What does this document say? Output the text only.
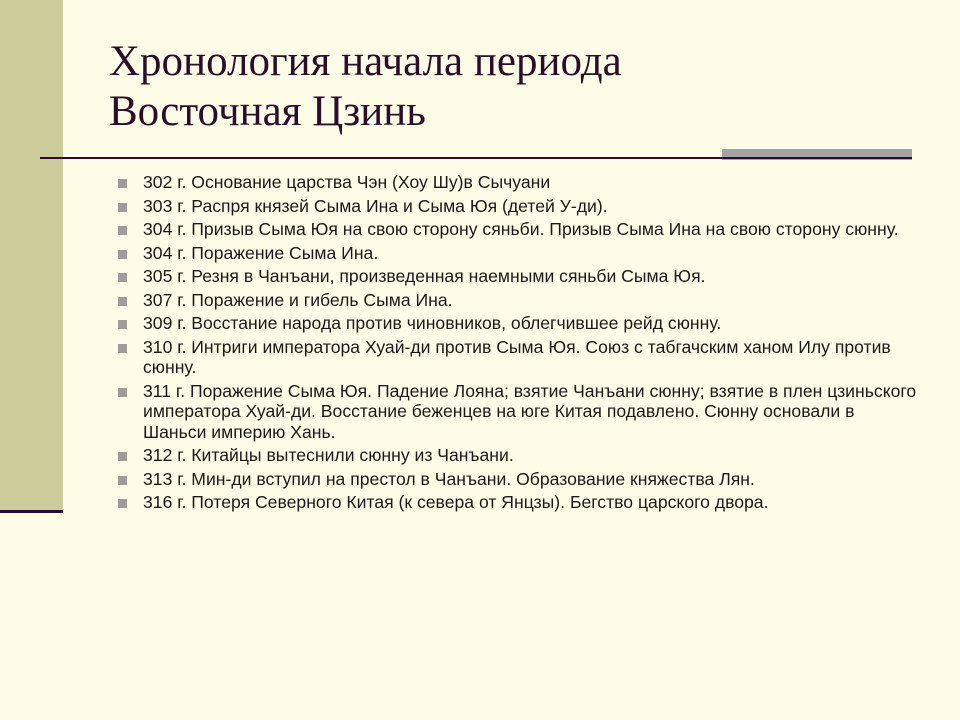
Хронология начала периода
Восточная Цзинь
302 г. Основание царства Чэн (Хоу Шу)в Сычуани
303 г. Распря князей Сыма Ина и Сыма Юя (детей У-ди).
304 г. Призыв Сыма Юя на свою сторону сяньби. Призыв Сыма Ина на свою сторону сюнну.
304 г. Поражение Сыма Ина.
305 г. Резня в Чанъани, произведенная наемными сяньби Сыма Юя.
307 г. Поражение и гибель Сыма Ина.
309 г. Восстание народа против чиновников, облегчившее рейд сюнну.
310 г. Интриги императора Хуай-ди против Сыма Юя. Союз с табгачским ханом Илу против сюнну.
311 г. Поражение Сыма Юя. Падение Лояна; взятие Чанъани сюнну; взятие в плен цзиньского императора Хуай-ди. Восстание беженцев на юге Китая подавлено. Сюнну основали в Шаньси империю Хань.
312 г. Китайцы вытеснили сюнну из Чанъани.
313 г. Мин-ди вступил на престол в Чанъани. Образование княжества Лян.
316 г. Потеря Северного Китая (к севера от Янцзы). Бегство царского двора.
